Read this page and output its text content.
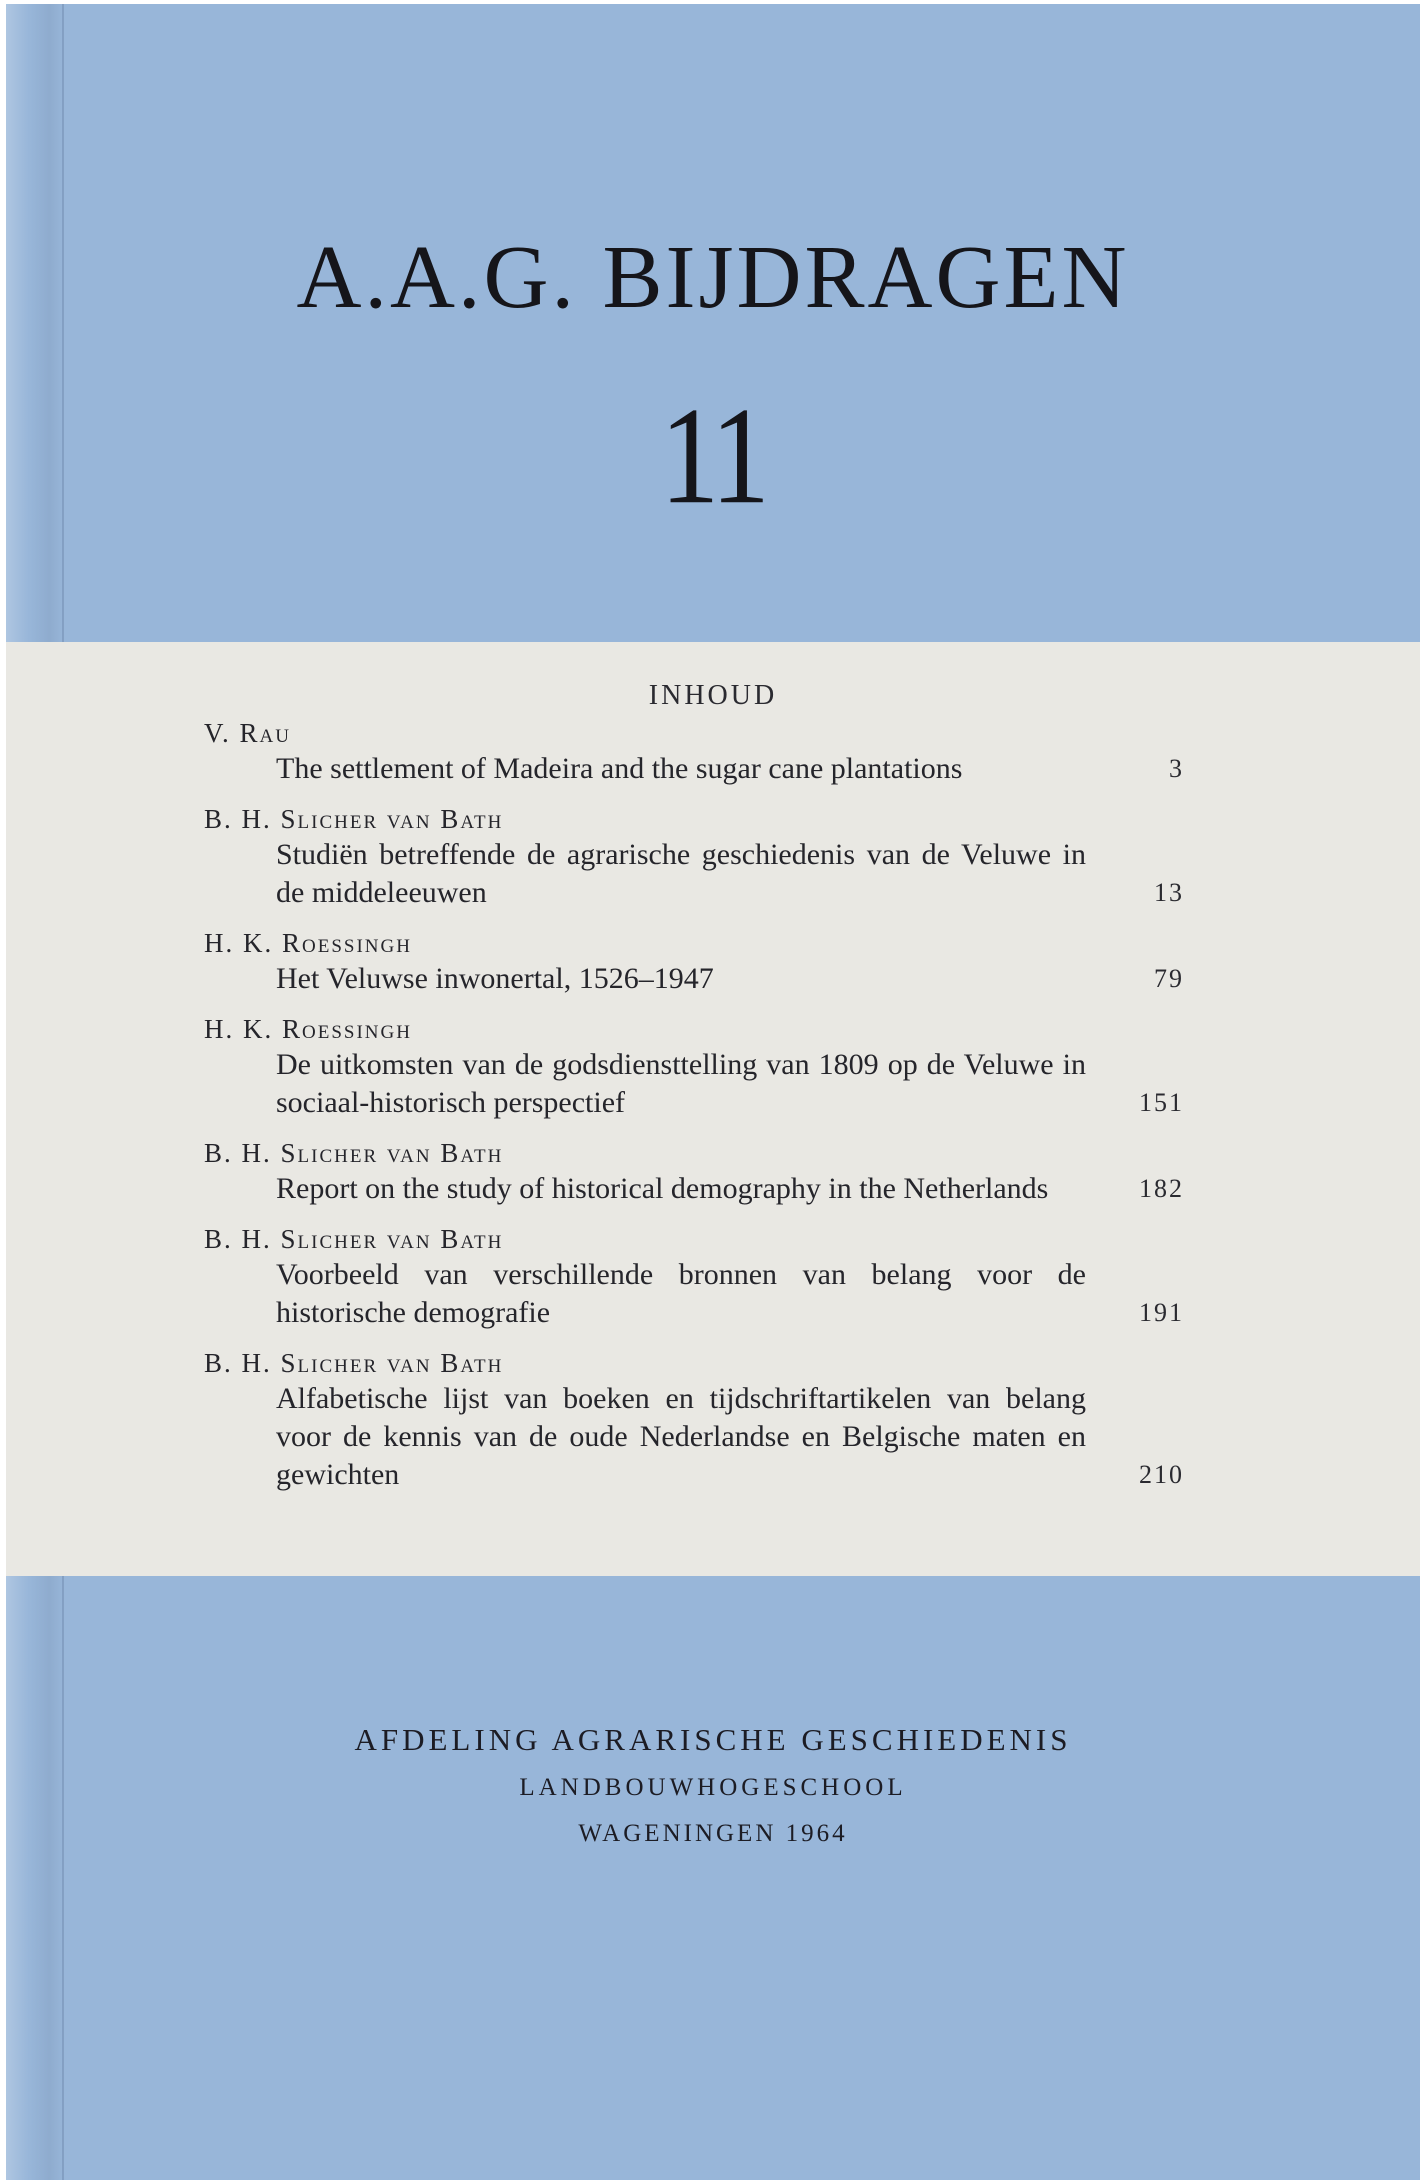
A.A.G. BIJDRAGEN
11
INHOUD
V. Rau
The settlement of Madeira and the sugar cane plantations	3
B. H. Slicher van Bath
Studiën betreffende de agrarische geschiedenis van de Veluwe in de middeleeuwen	13
H. K. Roessingh
Het Veluwse inwonertal, 1526–1947	79
H. K. Roessingh
De uitkomsten van de godsdiensttelling van 1809 op de Veluwe in sociaal-historisch perspectief	151
B. H. Slicher van Bath
Report on the study of historical demography in the Netherlands	182
B. H. Slicher van Bath
Voorbeeld van verschillende bronnen van belang voor de historische demografie	191
B. H. Slicher van Bath
Alfabetische lijst van boeken en tijdschriftartikelen van belang voor de kennis van de oude Nederlandse en Belgische maten en gewichten	210
AFDELING AGRARISCHE GESCHIEDENIS
LANDBOUWHOGESCHOOL
WAGENINGEN 1964
